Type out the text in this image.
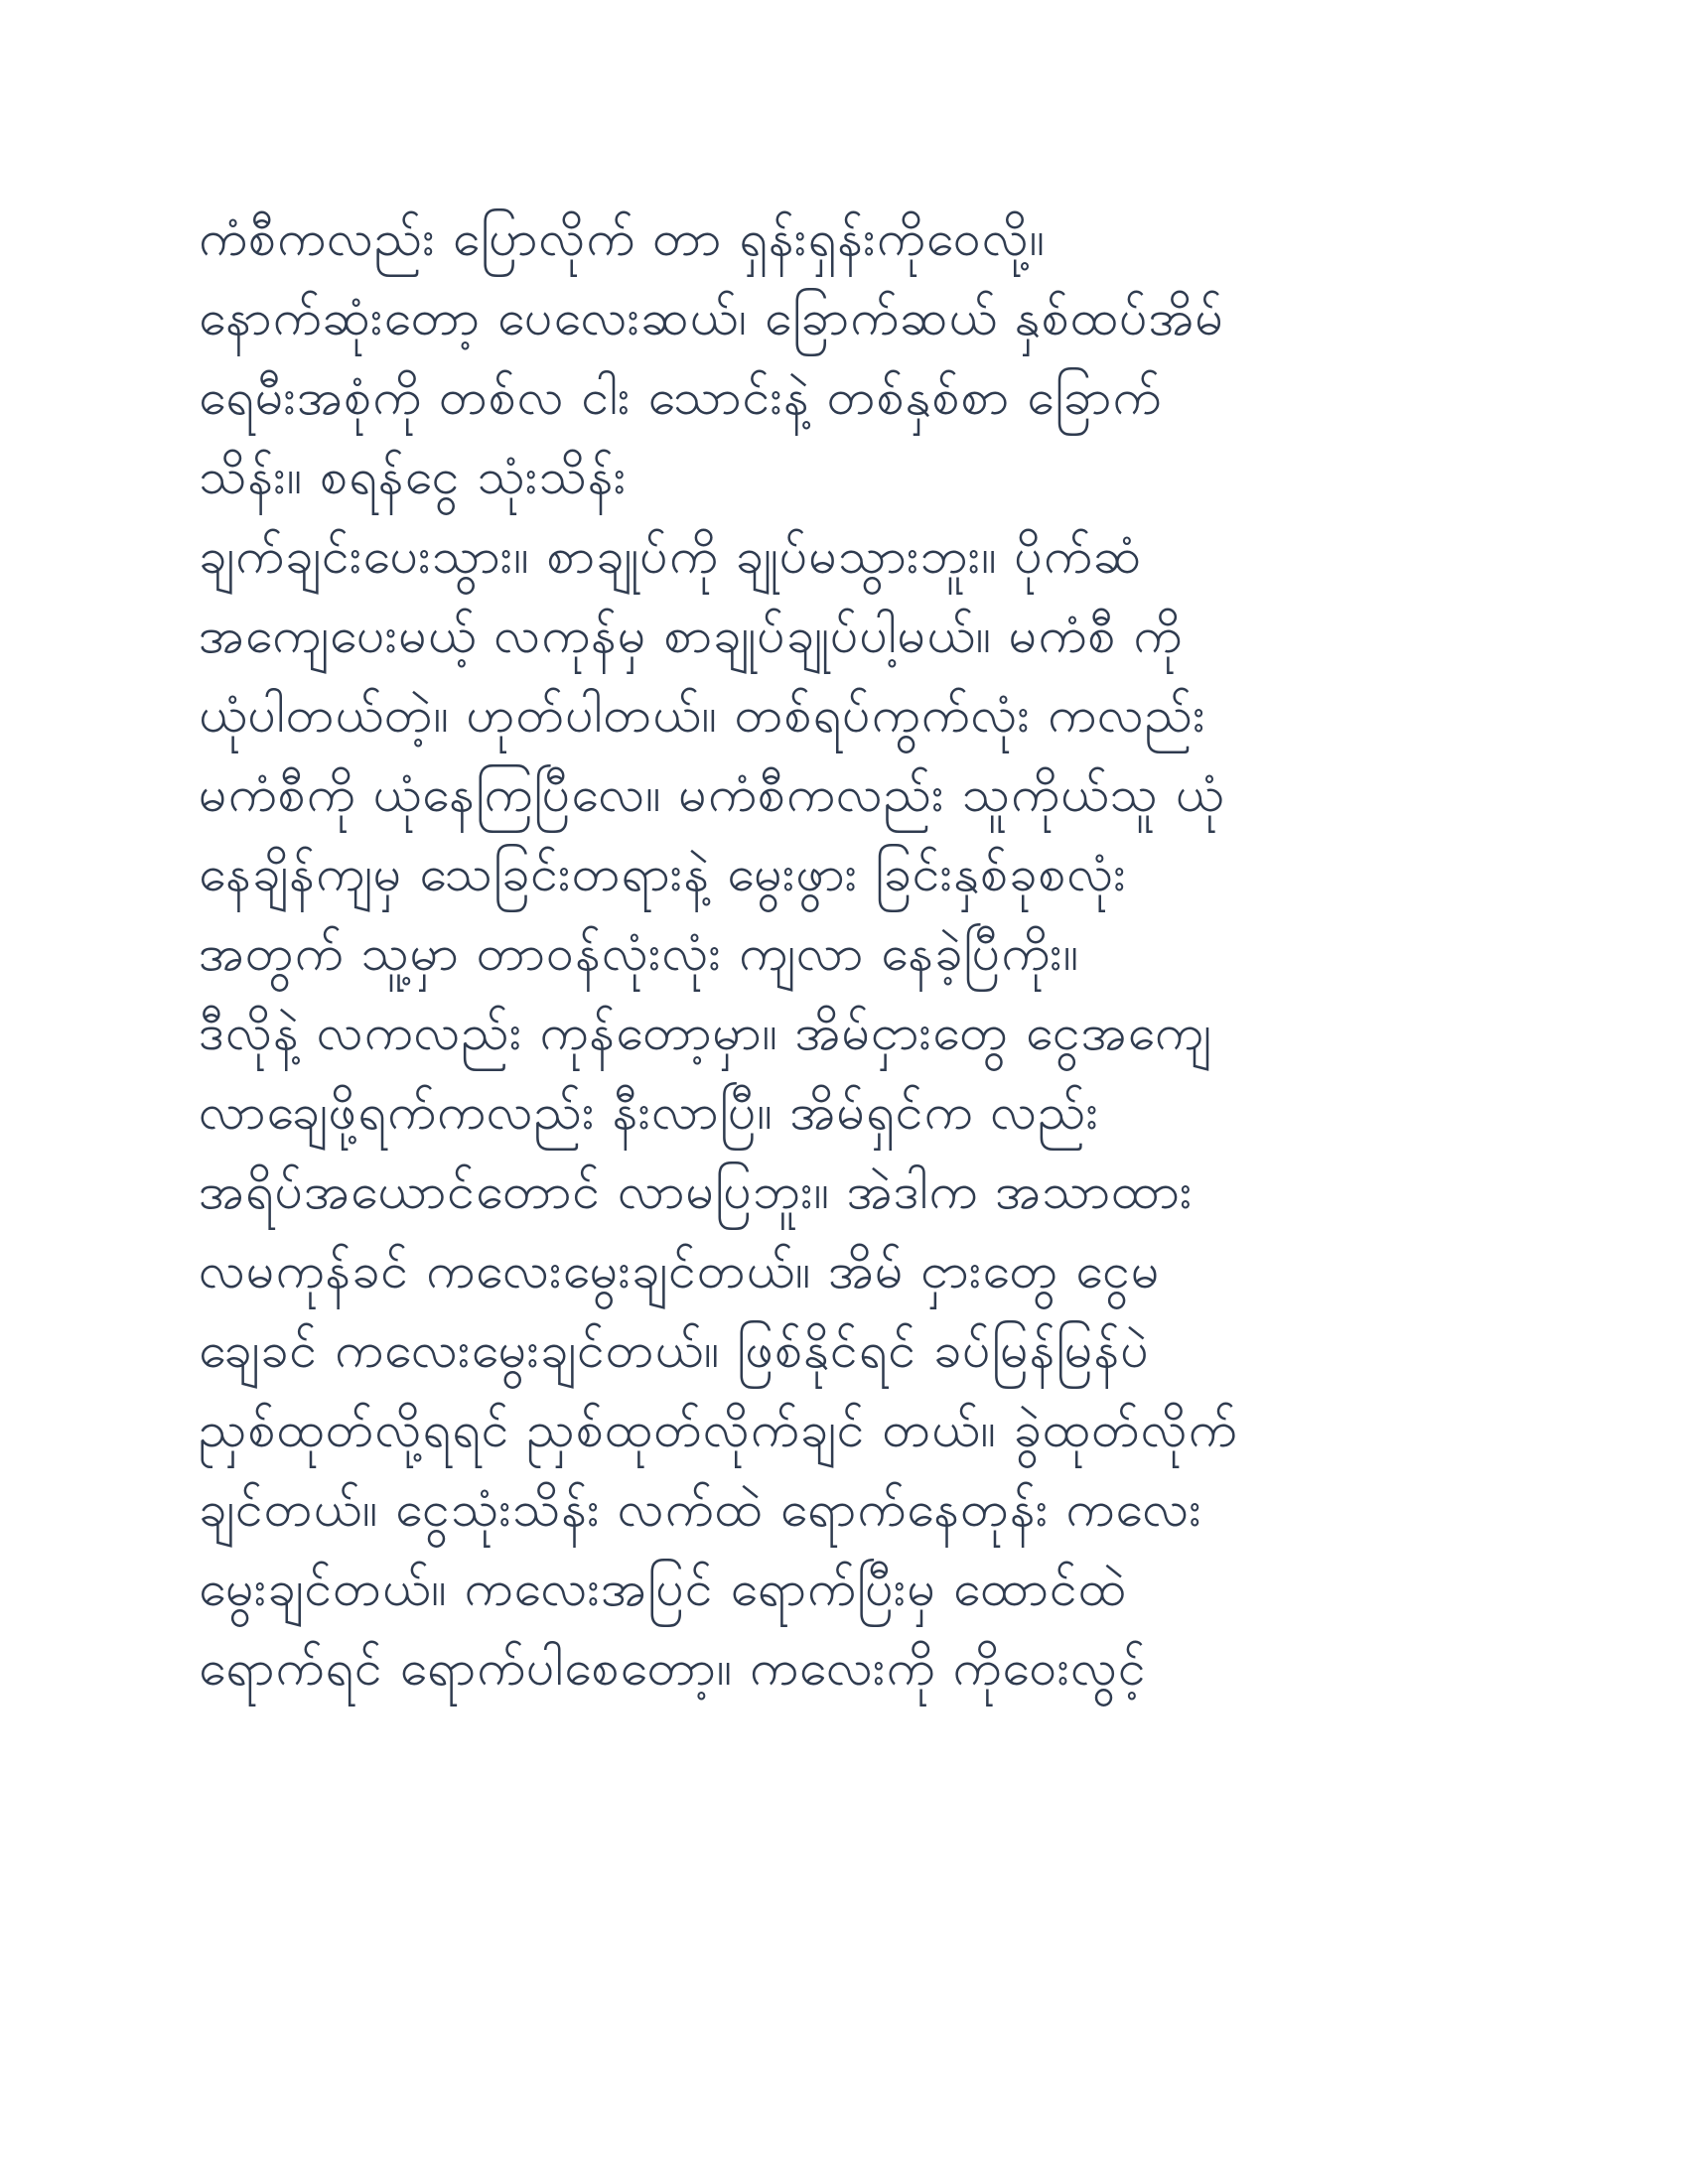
ကံစီကလည်း ပြောလိုက် တာ ရှန်းရှန်းကိုဝေလို့။
နောက်ဆုံးတော့ ပေလေးဆယ်၊ ခြောက်ဆယ် နှစ်ထပ်အိမ်
ရေမီးအစုံကို တစ်လ ငါး သောင်းနဲ့ တစ်နှစ်စာ ခြောက်
သိန်း။ စရန်ငွေ သုံးသိန်း
ချက်ချင်းပေးသွား။ စာချုပ်ကို ချုပ်မသွားဘူး။ ပိုက်ဆံ
အကျေပေးမယ့် လကုန်မှ စာချုပ်ချုပ်ပါ့မယ်။ မကံစီ ကို
ယုံပါတယ်တဲ့။ ဟုတ်ပါတယ်။ တစ်ရပ်ကွက်လုံး ကလည်း
မကံစီကို ယုံနေကြပြီလေ။ မကံစီကလည်း သူကိုယ်သူ ယုံ
နေချိန်ကျမှ သေခြင်းတရားနဲ့ မွေးဖွား ခြင်းနှစ်ခုစလုံး
အတွက် သူ့မှာ တာဝန်လုံးလုံး ကျလာ နေခဲ့ပြီကိုး။
ဒီလိုနဲ့ လကလည်း ကုန်တော့မှာ။ အိမ်ငှားတွေ ငွေအကျေ
လာချေဖို့ရက်ကလည်း နီးလာပြီ။ အိမ်ရှင်က လည်း
အရိပ်အယောင်တောင် လာမပြဘူး။ အဲဒါက အသာထား
လမကုန်ခင် ကလေးမွေးချင်တယ်။ အိမ် ငှားတွေ ငွေမ
ချေခင် ကလေးမွေးချင်တယ်။ ဖြစ်နိုင်ရင် ခပ်မြန်မြန်ပဲ
ညှစ်ထုတ်လို့ရရင် ညှစ်ထုတ်လိုက်ချင် တယ်။ ခွဲထုတ်လိုက်
ချင်တယ်။ ငွေသုံးသိန်း လက်ထဲ ရောက်နေတုန်း ကလေး
မွေးချင်တယ်။ ကလေးအပြင် ရောက်ပြီးမှ ထောင်ထဲ
ရောက်ရင် ရောက်ပါစေတော့။ ကလေးကို ကိုဝေးလွင့်
